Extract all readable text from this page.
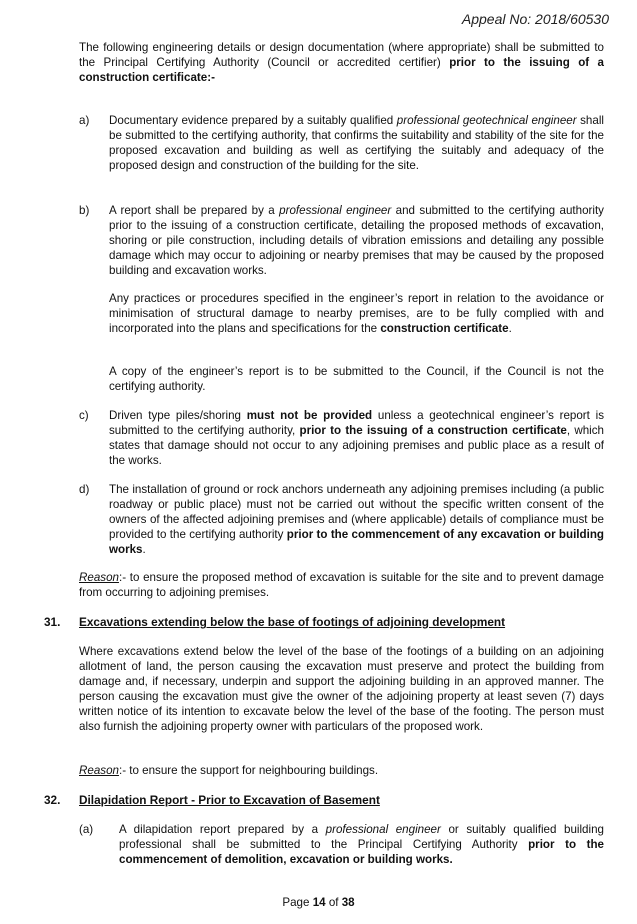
Appeal No: 2018/60530

The following engineering details or design documentation (where appropriate) shall be submitted to the Principal Certifying Authority (Council or accredited certifier) prior to the issuing of a construction certificate:-

a) Documentary evidence prepared by a suitably qualified professional geotechnical engineer shall be submitted to the certifying authority, that confirms the suitability and stability of the site for the proposed excavation and building as well as certifying the suitably and adequacy of the proposed design and construction of the building for the site.

b) A report shall be prepared by a professional engineer and submitted to the certifying authority prior to the issuing of a construction certificate, detailing the proposed methods of excavation, shoring or pile construction, including details of vibration emissions and detailing any possible damage which may occur to adjoining or nearby premises that may be caused by the proposed building and excavation works.

Any practices or procedures specified in the engineer’s report in relation to the avoidance or minimisation of structural damage to nearby premises, are to be fully complied with and incorporated into the plans and specifications for the construction certificate.

A copy of the engineer’s report is to be submitted to the Council, if the Council is not the certifying authority.

c) Driven type piles/shoring must not be provided unless a geotechnical engineer’s report is submitted to the certifying authority, prior to the issuing of a construction certificate, which states that damage should not occur to any adjoining premises and public place as a result of the works.

d) The installation of ground or rock anchors underneath any adjoining premises including (a public roadway or public place) must not be carried out without the specific written consent of the owners of the affected adjoining premises and (where applicable) details of compliance must be provided to the certifying authority prior to the commencement of any excavation or building works.

Reason:- to ensure the proposed method of excavation is suitable for the site and to prevent damage from occurring to adjoining premises.

31. Excavations extending below the base of footings of adjoining development

Where excavations extend below the level of the base of the footings of a building on an adjoining allotment of land, the person causing the excavation must preserve and protect the building from damage and, if necessary, underpin and support the adjoining building in an approved manner. The person causing the excavation must give the owner of the adjoining property at least seven (7) days written notice of its intention to excavate below the level of the base of the footing. The person must also furnish the adjoining property owner with particulars of the proposed work.

Reason:- to ensure the support for neighbouring buildings.

32. Dilapidation Report - Prior to Excavation of Basement
(a) A dilapidation report prepared by a professional engineer or suitably qualified building professional shall be submitted to the Principal Certifying Authority prior to the commencement of demolition, excavation or building works.

Page 14 of 38
